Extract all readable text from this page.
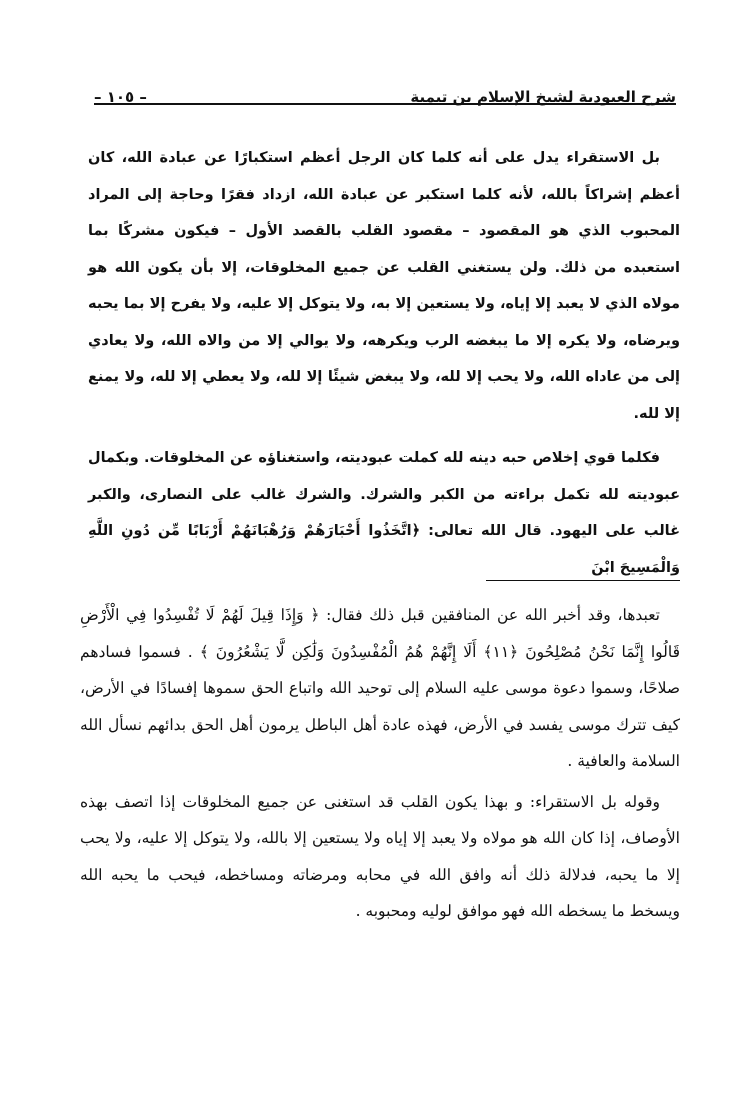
شرح العبودية لشيخ الإسلام بن تيمية
– ١٠٥ –

بل الاستقراء يدل على أنه كلما كان الرجل أعظم استكبارًا عن عبادة الله، كان أعظم إشراكاً بالله، لأنه كلما استكبر عن عبادة الله، ازداد فقرًا وحاجة إلى المراد المحبوب الذي هو المقصود – مقصود القلب بالقصد الأول – فيكون مشركًا بما استعبده من ذلك. ولن يستغني القلب عن جميع المخلوقات، إلا بأن يكون الله هو مولاه الذي لا يعبد إلا إياه، ولا يستعين إلا به، ولا يتوكل إلا عليه، ولا يفرح إلا بما يحبه ويرضاه، ولا يكره إلا ما يبغضه الرب ويكرهه، ولا يوالي إلا من والاه الله، ولا يعادي إلى من عاداه الله، ولا يحب إلا لله، ولا يبغض شيئًا إلا لله، ولا يعطي إلا لله، ولا يمنع إلا لله.

فكلما قوي إخلاص حبه دينه لله كملت عبوديته، واستغناؤه عن المخلوقات. وبكمال عبوديته لله تكمل براءته من الكبر والشرك. والشرك غالب على النصارى، والكبر غالب على اليهود. قال الله تعالى: ﴿اتَّخَذُوا أَحْبَارَهُمْ وَرُهْبَانَهُمْ أَرْبَابًا مِّن دُونِ اللَّهِ وَالْمَسِيحَ ابْنَ

تعبدها، وقد أخبر الله عن المنافقين قبل ذلك فقال: ﴿ وَإِذَا قِيلَ لَهُمْ لَا تُفْسِدُوا فِي الْأَرْضِ قَالُوا إِنَّمَا نَحْنُ مُصْلِحُونَ ﴿١١﴾ أَلَا إِنَّهُمْ هُمُ الْمُفْسِدُونَ وَلَٰكِن لَّا يَشْعُرُونَ ﴾ . فسموا فسادهم صلاحًا، وسموا دعوة موسى عليه السلام إلى توحيد الله واتباع الحق سموها إفسادًا في الأرض، كيف تترك موسى يفسد في الأرض، فهذه عادة أهل الباطل يرمون أهل الحق بدائهم نسأل الله السلامة والعافية .

وقوله بل الاستقراء: و بهذا يكون القلب قد استغنى عن جميع المخلوقات إذا اتصف بهذه الأوصاف، إذا كان الله هو مولاه ولا يعبد إلا إياه ولا يستعين إلا بالله، ولا يتوكل إلا عليه، ولا يحب إلا ما يحبه، فدلالة ذلك أنه وافق الله في محابه ومرضاته ومساخطه، فيحب ما يحبه الله ويسخط ما يسخطه الله فهو موافق لوليه ومحبوبه .
